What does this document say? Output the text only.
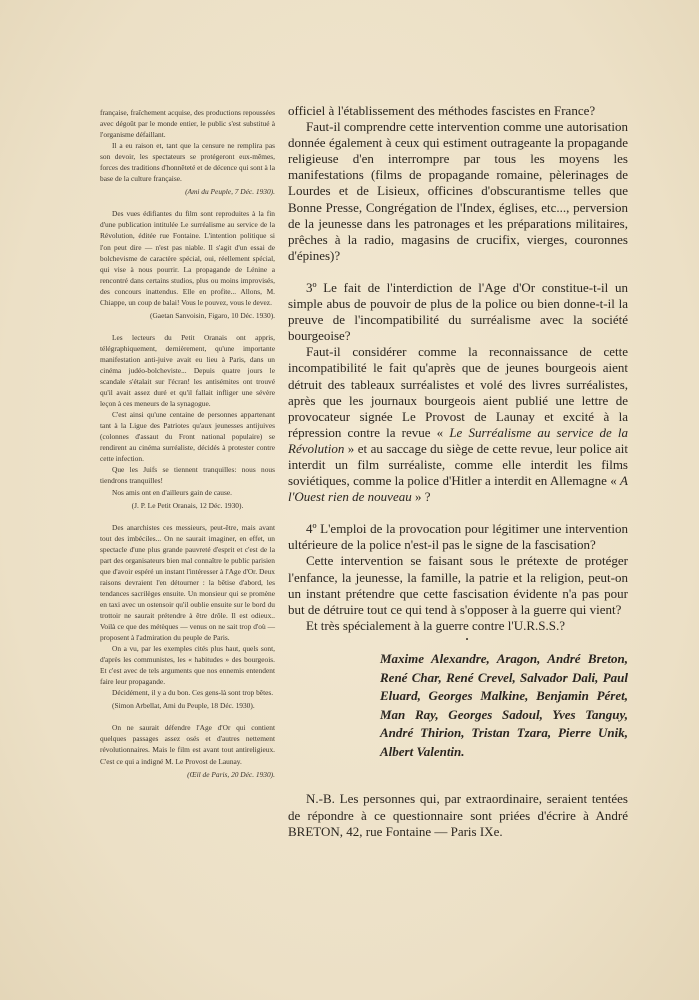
française, fraîchement acquise, des productions repoussées avec dégoût par le monde entier, le public s'est substitué à l'organisme défaillant.

Il a eu raison et, tant que la censure ne remplira pas son devoir, les spectateurs se protégeront eux-mêmes, forces des traditions d'honnêteté et de décence qui sont à la base de la culture française.

(Ami du Peuple, 7 Déc. 1930).

Des vues édifiantes du film sont reproduites à la fin d'une publication intitulée Le surréalisme au service de la Révolution, éditée rue Fontaine. L'intention politique si l'on peut dire — n'est pas niable. Il s'agit d'un essai de bolchevisme de caractère spécial, oui, réellement spécial, qui vise à nous pourrir. La propagande de Lénine a rencontré dans certains studios, plus ou moins improvisés, des concours inattendus. Elle en profite... Allons, M. Chiappe, un coup de balai! Vous le pouvez, vous le devez.

(Gaetan Sanvoisin, Figaro, 10 Déc. 1930).

Les lecteurs du Petit Oranais ont appris, télégraphiquement, dernièrement, qu'une importante manifestation anti-juive avait eu lieu à Paris, dans un cinéma judéo-bolcheviste... Depuis quatre jours le scandale s'étalait sur l'écran! les antisémites ont trouvé qu'il avait assez duré et qu'il fallait infliger une sévère leçon à ces meneurs de la synagogue.

C'est ainsi qu'une centaine de personnes appartenant tant à la Ligue des Patriotes qu'aux jeunesses antijuives (colonnes d'assaut du Front national populaire) se rendirent au cinéma surréaliste, décidés à protester contre cette infection.

Que les Juifs se tiennent tranquilles: nous nous tiendrons tranquilles!

Nos amis ont en d'ailleurs gain de cause.

(J. P. Le Petit Oranais, 12 Déc. 1930).

Des anarchistes ces messieurs, peut-être, mais avant tout des imbéciles... On ne saurait imaginer, en effet, un spectacle d'une plus grande pauvreté d'esprit et c'est de la part des organisateurs bien mal connaître le public parisien que d'avoir espéré un instant l'intéresser à l'Age d'Or. Deux raisons devraient l'en détourner : la bêtise d'abord, les tendances sacrilèges ensuite. Un monsieur qui se promène en taxi avec un ostensoir qu'il oublie ensuite sur le bord du trottoir ne saurait prétendre à être drôle. Il est odieux.. Voilà ce que des métèques — venus on ne sait trop d'où — proposent à l'admiration du peuple de Paris.

On a vu, par les exemples cités plus haut, quels sont, d'après les communistes, les « habitudes » des bourgeois. Et c'est avec de tels arguments que nos ennemis entendent faire leur propagande.

Décidément, il y a du bon. Ces gens-là sont trop bêtes.

(Simon Arbellat, Ami du Peuple, 18 Déc. 1930).

On ne saurait défendre l'Age d'Or qui contient quelques passages assez osés et d'autres nettement révolutionnaires. Mais le film est avant tout antireligieux. C'est ce qui a indigné M. Le Provost de Launay.

(Œil de Paris, 20 Déc. 1930).

officiel à l'établissement des méthodes fascistes en France?

Faut-il comprendre cette intervention comme une autorisation donnée également à ceux qui estiment outrageante la propagande religieuse d'en interrompre par tous les moyens les manifestations (films de propagande romaine, pèlerinages de Lourdes et de Lisieux, officines d'obscurantisme telles que Bonne Presse, Congrégation de l'Index, églises, etc..., perversion de la jeunesse dans les patronages et les préparations militaires, prêches à la radio, magasins de crucifix, vierges, couronnes d'épines)?

3º Le fait de l'interdiction de l'Age d'Or constitue-t-il un simple abus de pouvoir de plus de la police ou bien donne-t-il la preuve de l'incompatibilité du surréalisme avec la société bourgeoise?

Faut-il considérer comme la reconnaissance de cette incompatibilité le fait qu'après que de jeunes bourgeois aient détruit des tableaux surréalistes et volé des livres surréalistes, après que les journaux bourgeois aient publié une lettre de provocateur signée Le Provost de Launay et excité à la répression contre la revue « Le Surréalisme au service de la Révolution » et au saccage du siège de cette revue, leur police ait interdit un film surréaliste, comme elle interdit les films soviétiques, comme la police d'Hitler a interdit en Allemagne « A l'Ouest rien de nouveau » ?

4º L'emploi de la provocation pour légitimer une intervention ultérieure de la police n'est-il pas le signe de la fascisation?

Cette intervention se faisant sous le prétexte de protéger l'enfance, la jeunesse, la famille, la patrie et la religion, peut-on un instant prétendre que cette fascisation évidente n'a pas pour but de détruire tout ce qui tend à s'opposer à la guerre qui vient?

Et très spécialement à la guerre contre l'U.R.S.S.?

•

Maxime Alexandre, Aragon, André Breton, René Char, René Crevel, Salvador Dali, Paul Eluard, Georges Malkine, Benjamin Péret, Man Ray, Georges Sadoul, Yves Tanguy, André Thirion, Tristan Tzara, Pierre Unik, Albert Valentin.

N.-B. Les personnes qui, par extraordinaire, seraient tentées de répondre à ce questionnaire sont priées d'écrire à André BRETON, 42, rue Fontaine — Paris IXe.
